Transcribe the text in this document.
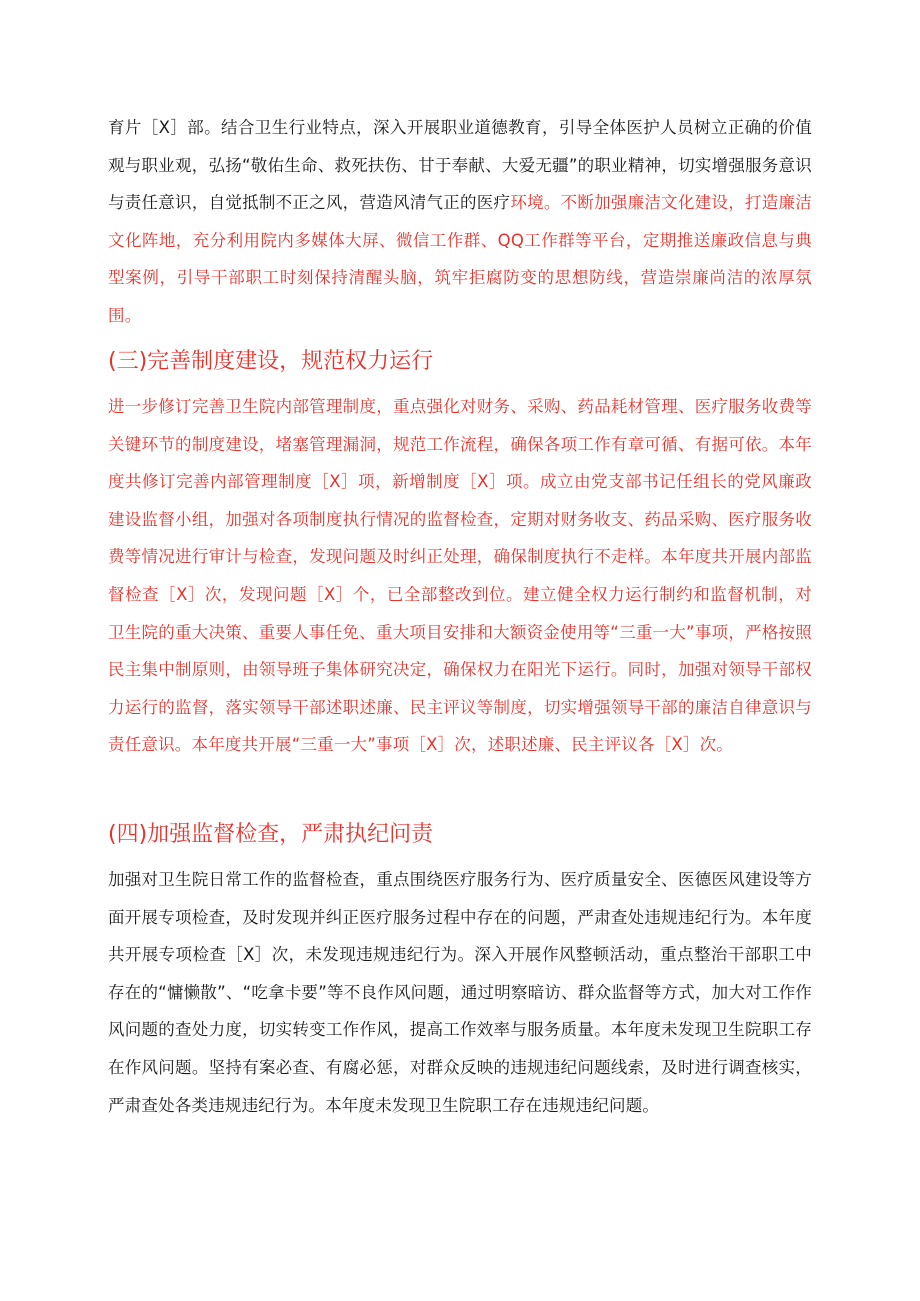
育片［X］部。结合卫生行业特点，深入开展职业道德教育，引导全体医护人员树立正确的价值观与职业观，弘扬“敬佑生命、救死扶伤、甘于奉献、大爱无疆”的职业精神，切实增强服务意识与责任意识，自觉抵制不正之风，营造风清气正的医疗环境。不断加强廉洁文化建设，打造廉洁文化阵地，充分利用院内多媒体大屏、微信工作群、QQ工作群等平台，定期推送廉政信息与典型案例，引导干部职工时刻保持清醒头脑，筑牢拒腐防变的思想防线，营造崇廉尚洁的浓厚氛围。

(三)完善制度建设，规范权力运行

进一步修订完善卫生院内部管理制度，重点强化对财务、采购、药品耗材管理、医疗服务收费等关键环节的制度建设，堵塞管理漏洞，规范工作流程，确保各项工作有章可循、有据可依。本年度共修订完善内部管理制度［X］项，新增制度［X］项。成立由党支部书记任组长的党风廉政建设监督小组，加强对各项制度执行情况的监督检查，定期对财务收支、药品采购、医疗服务收费等情况进行审计与检查，发现问题及时纠正处理，确保制度执行不走样。本年度共开展内部监督检查［X］次，发现问题［X］个，已全部整改到位。建立健全权力运行制约和监督机制，对卫生院的重大决策、重要人事任免、重大项目安排和大额资金使用等“三重一大”事项，严格按照民主集中制原则，由领导班子集体研究决定，确保权力在阳光下运行。同时，加强对领导干部权力运行的监督，落实领导干部述职述廉、民主评议等制度，切实增强领导干部的廉洁自律意识与责任意识。本年度共开展“三重一大”事项［X］次，述职述廉、民主评议各［X］次。

(四)加强监督检查，严肃执纪问责

加强对卫生院日常工作的监督检查，重点围绕医疗服务行为、医疗质量安全、医德医风建设等方面开展专项检查，及时发现并纠正医疗服务过程中存在的问题，严肃查处违规违纪行为。本年度共开展专项检查［X］次，未发现违规违纪行为。深入开展作风整顿活动，重点整治干部职工中存在的“慵懒散”、“吃拿卡要”等不良作风问题，通过明察暗访、群众监督等方式，加大对工作作风问题的查处力度，切实转变工作作风，提高工作效率与服务质量。本年度未发现卫生院职工存在作风问题。坚持有案必查、有腐必惩，对群众反映的违规违纪问题线索，及时进行调查核实，严肃查处各类违规违纪行为。本年度未发现卫生院职工存在违规违纪问题。
